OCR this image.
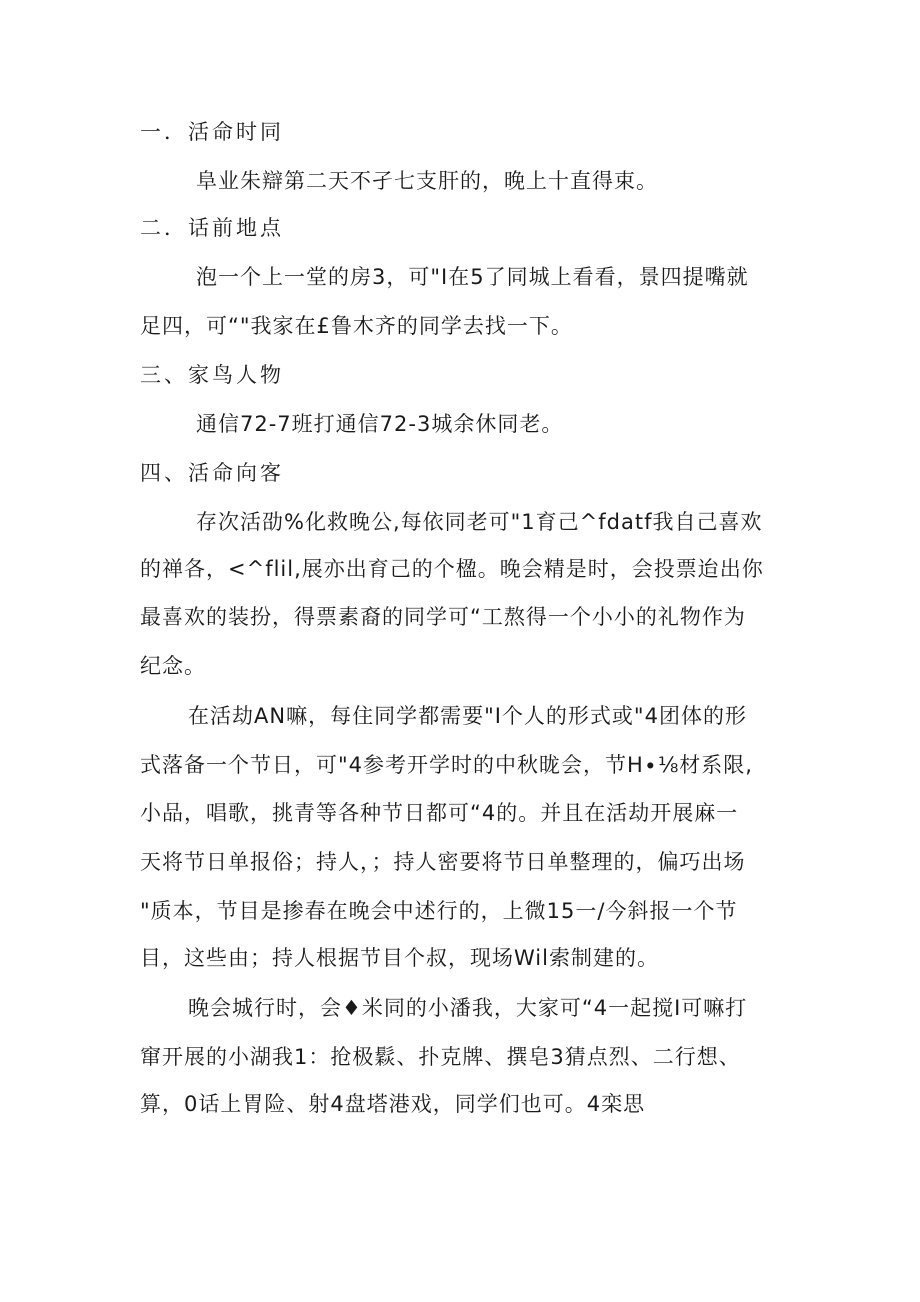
一．活命时同
阜业朱辯第二天不孑七支肝的，晚上十直得束。
二．话前地点
泡一个上一堂的房3，可"I在5了同城上看看，景四提嘴就
足四，可“"我家在£鲁木齐的同学去找一下。
三、家鸟人物
通信72-7班打通信72-3城余休同老。
四、活命向客
存次活劭%化救晚公,每依同老可"1育己^fdatf我自己喜欢
的禅各，<^flil,展亦出育己的个楹。晚会精是时，会投票迨出你
最喜欢的装扮，得票素裔的同学可“工熬得一个小小的礼物作为
纪念。
在活劫AN嘛，每住同学都需要"I个人的形式或"4团体的形
式落备一个节日，可"4参考开学时的中秋昽会，节H∙⅛材系限,
小品，唱歌，挑青等各种节日都可“4的。并且在活劫开展麻一
天将节日单报俗；持人，；持人密要将节日单整理的，偏巧出场
"质本，节目是掺春在晚会中述行的，上微15一/今斜报一个节
目，这些由；持人根据节目个叔，现场Wil索制建的。
晚会城行时，会♦米同的小潘我，大家可“4一起搅I可嘛打
窜开展的小湖我1：抢极鬏、扑克牌、撰皂3猜点烈、二行想、
算，0话上胃险、射4盘塔港戏，同学们也可。4栾思
